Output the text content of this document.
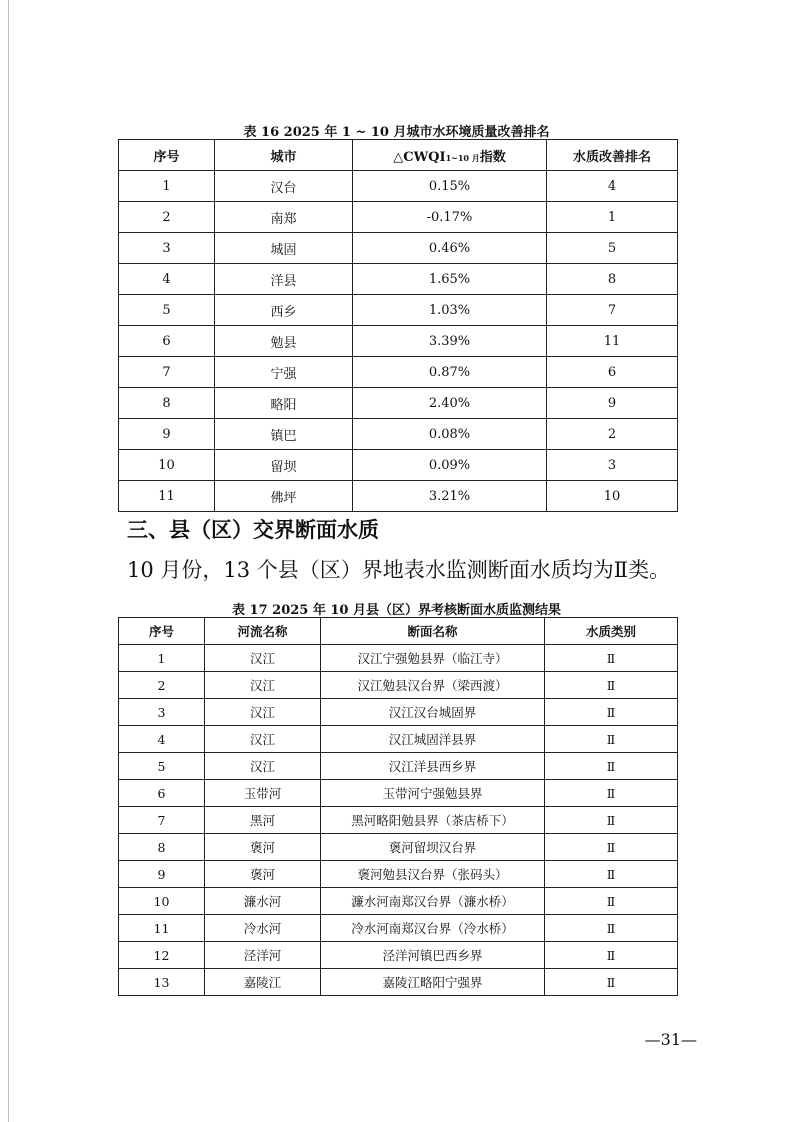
表 16 2025 年 1 ~ 10 月城市水环境质量改善排名
序号	城市	△CWQI1~10 月指数	水质改善排名
1	汉台	0.15%	4
2	南郑	-0.17%	1
3	城固	0.46%	5
4	洋县	1.65%	8
5	西乡	1.03%	7
6	勉县	3.39%	11
7	宁强	0.87%	6
8	略阳	2.40%	9
9	镇巴	0.08%	2
10	留坝	0.09%	3
11	佛坪	3.21%	10
三、县（区）交界断面水质
10 月份，13 个县（区）界地表水监测断面水质均为Ⅱ类。
表 17 2025 年 10 月县（区）界考核断面水质监测结果
序号	河流名称	断面名称	水质类别
1	汉江	汉江宁强勉县界（临江寺）	Ⅱ
2	汉江	汉江勉县汉台界（梁西渡）	Ⅱ
3	汉江	汉江汉台城固界	Ⅱ
4	汉江	汉江城固洋县界	Ⅱ
5	汉江	汉江洋县西乡界	Ⅱ
6	玉带河	玉带河宁强勉县界	Ⅱ
7	黑河	黑河略阳勉县界（茶店桥下）	Ⅱ
8	褒河	褒河留坝汉台界	Ⅱ
9	褒河	褒河勉县汉台界（张码头）	Ⅱ
10	濂水河	濂水河南郑汉台界（濂水桥）	Ⅱ
11	冷水河	冷水河南郑汉台界（冷水桥）	Ⅱ
12	泾洋河	泾洋河镇巴西乡界	Ⅱ
13	嘉陵江	嘉陵江略阳宁强界	Ⅱ
—31—
